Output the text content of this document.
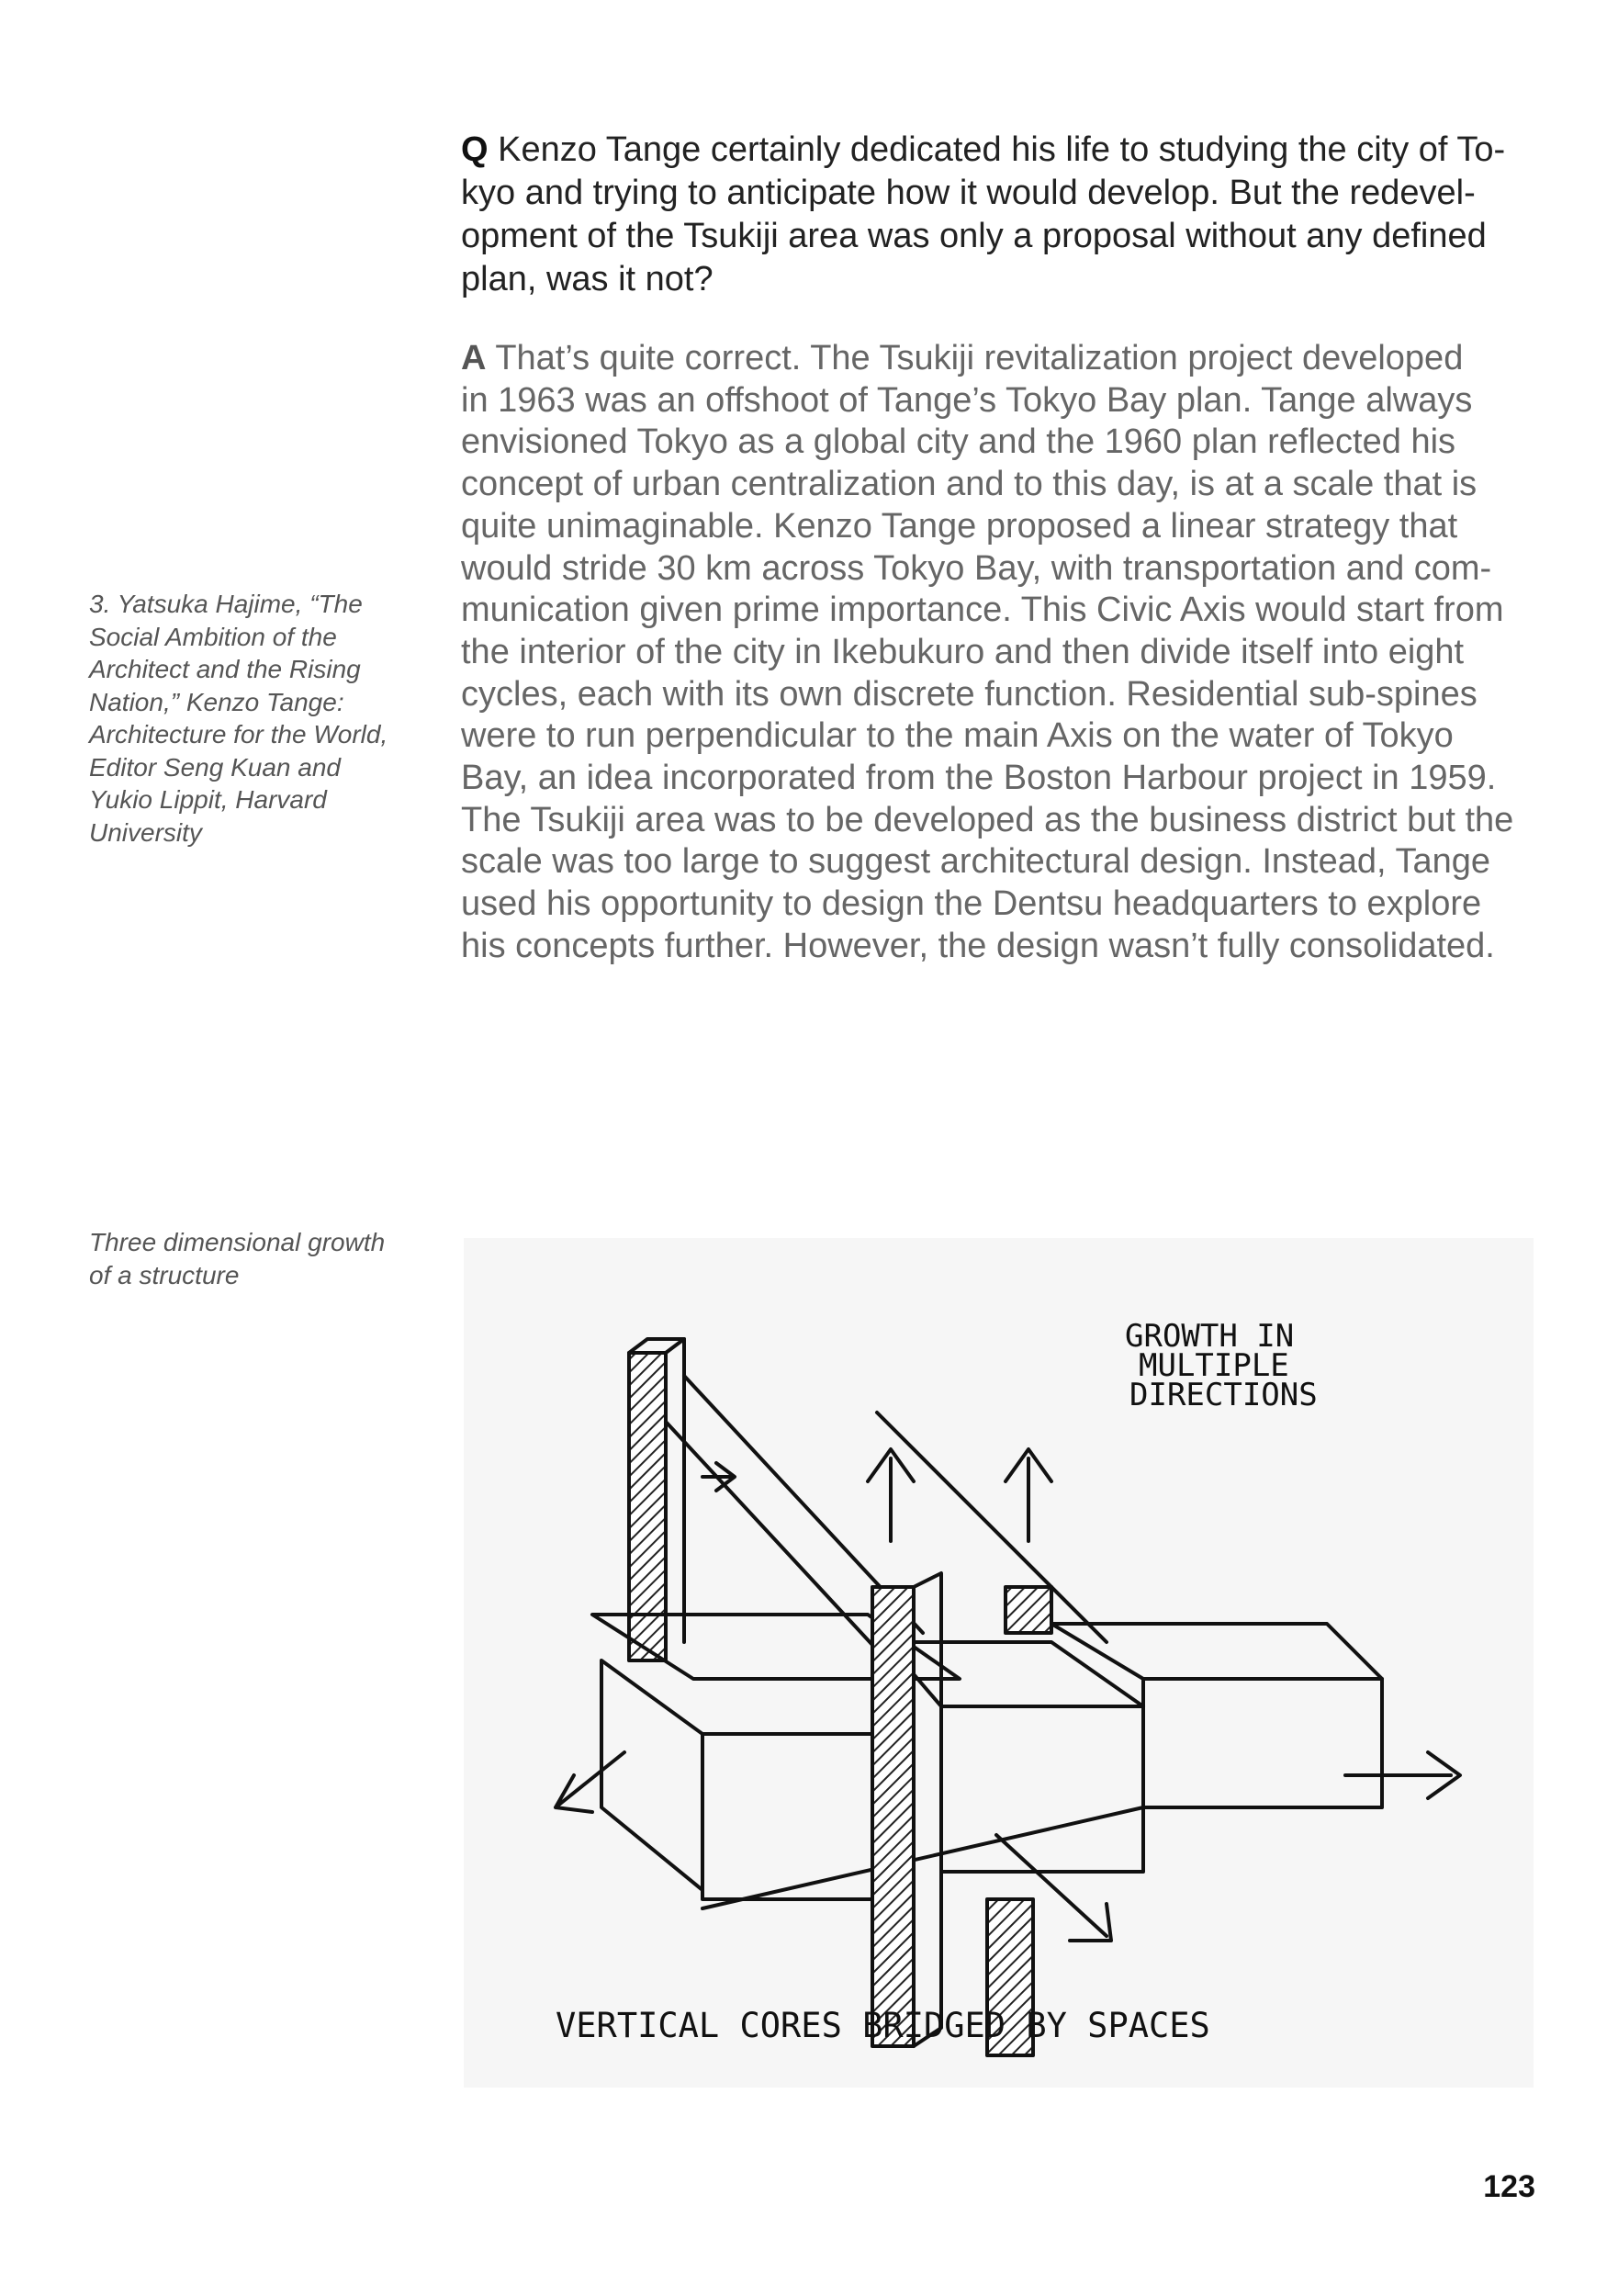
Q Kenzo Tange certainly dedicated his life to studying the city of To-
kyo and trying to anticipate how it would develop. But the redevel-
opment of the Tsukiji area was only a proposal without any defined
plan, was it not?
A That’s quite correct. The Tsukiji revitalization project developed
in 1963 was an offshoot of Tange’s Tokyo Bay plan. Tange always
envisioned Tokyo as a global city and the 1960 plan reflected his
concept of urban centralization and to this day, is at a scale that is
quite unimaginable. Kenzo Tange proposed a linear strategy that
would stride 30 km across Tokyo Bay, with transportation and com-
munication given prime importance. This Civic Axis would start from
the interior of the city in Ikebukuro and then divide itself into eight
cycles, each with its own discrete function. Residential sub-spines
were to run perpendicular to the main Axis on the water of Tokyo
Bay, an idea incorporated from the Boston Harbour project in 1959.
The Tsukiji area was to be developed as the business district but the
scale was too large to suggest architectural design. Instead, Tange
used his opportunity to design the Dentsu headquarters to explore
his concepts further. However, the design wasn’t fully consolidated.
3. Yatsuka Hajime, “The
Social Ambition of the
Architect and the Rising
Nation,” Kenzo Tange:
Architecture for the World,
Editor Seng Kuan and
Yukio Lippit, Harvard
University
Three dimensional growth
of a structure
GROWTH IN
MULTIPLE
DIRECTIONS
VERTICAL CORES BRIDGED BY SPACES
123
